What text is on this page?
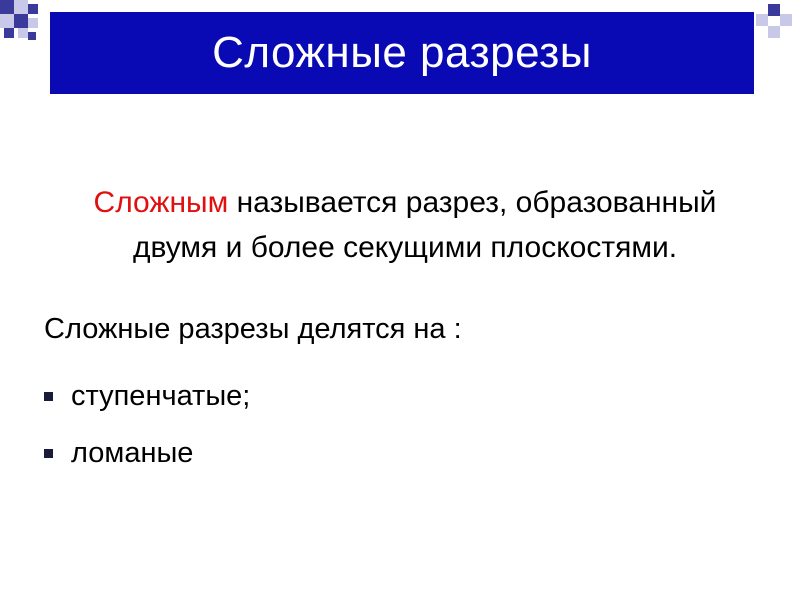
Сложные разрезы
Сложным называется разрез, образованный двумя и более секущими плоскостями.
Сложные разрезы делятся на :
ступенчатые;
ломаные
